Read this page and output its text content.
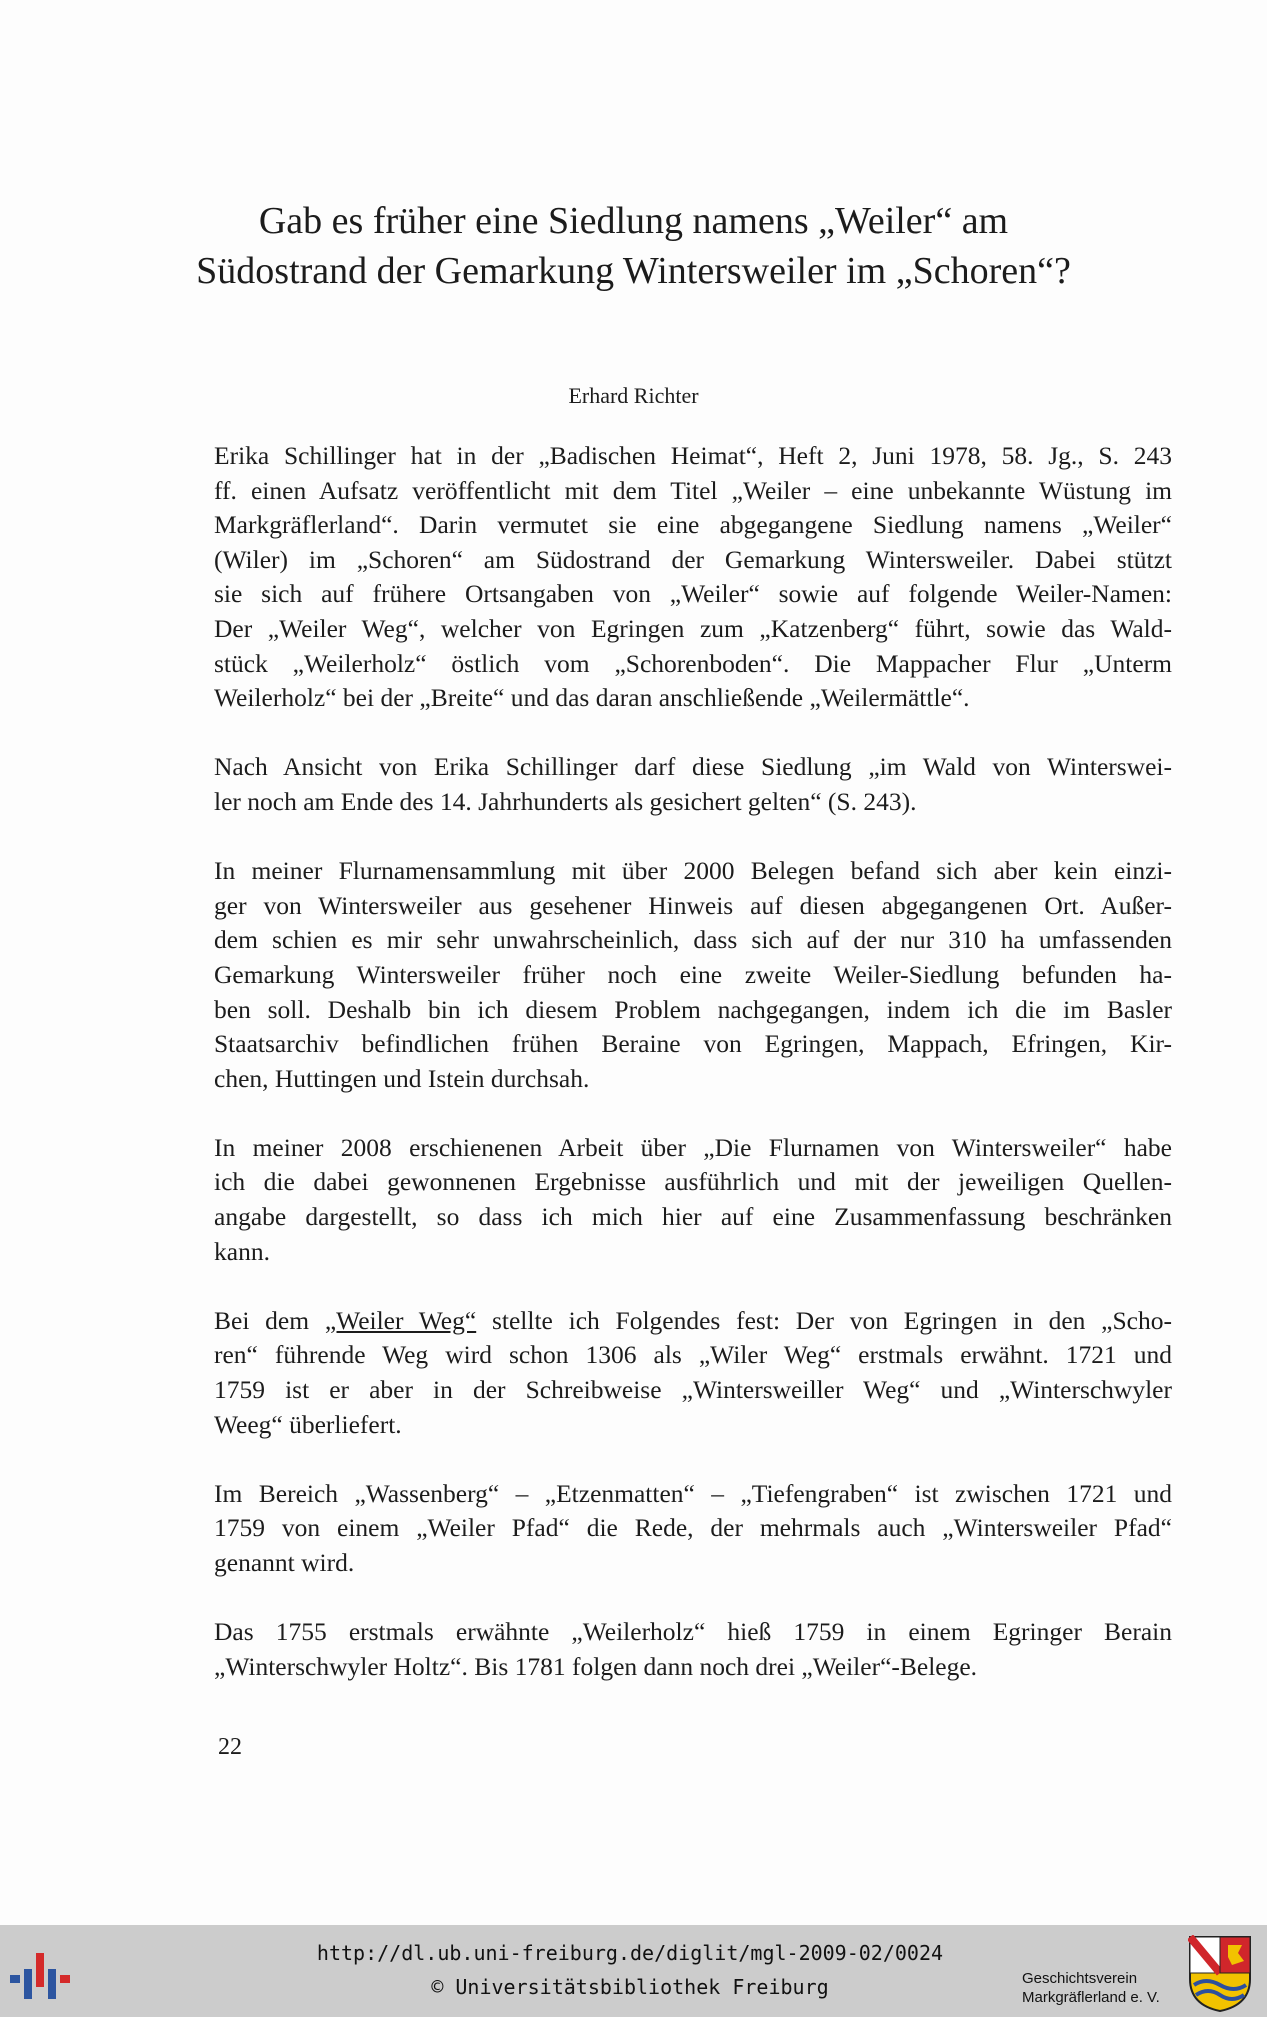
Gab es früher eine Siedlung namens „Weiler“ am
Südostrand der Gemarkung Wintersweiler im „Schoren“?
Erhard Richter

Erika Schillinger hat in der „Badischen Heimat“, Heft 2, Juni 1978, 58. Jg., S. 243
ff. einen Aufsatz veröffentlicht mit dem Titel „Weiler – eine unbekannte Wüstung im
Markgräflerland“. Darin vermutet sie eine abgegangene Siedlung namens „Weiler“
(Wiler) im „Schoren“ am Südostrand der Gemarkung Wintersweiler. Dabei stützt
sie sich auf frühere Ortsangaben von „Weiler“ sowie auf folgende Weiler-Namen:
Der „Weiler Weg“, welcher von Egringen zum „Katzenberg“ führt, sowie das Wald-
stück „Weilerholz“ östlich vom „Schorenboden“. Die Mappacher Flur „Unterm
Weilerholz“ bei der „Breite“ und das daran anschließende „Weilermättle“.

Nach Ansicht von Erika Schillinger darf diese Siedlung „im Wald von Winterswei-
ler noch am Ende des 14. Jahrhunderts als gesichert gelten“ (S. 243).

In meiner Flurnamensammlung mit über 2000 Belegen befand sich aber kein einzi-
ger von Wintersweiler aus gesehener Hinweis auf diesen abgegangenen Ort. Außer-
dem schien es mir sehr unwahrscheinlich, dass sich auf der nur 310 ha umfassenden
Gemarkung Wintersweiler früher noch eine zweite Weiler-Siedlung befunden ha-
ben soll. Deshalb bin ich diesem Problem nachgegangen, indem ich die im Basler
Staatsarchiv befindlichen frühen Beraine von Egringen, Mappach, Efringen, Kir-
chen, Huttingen und Istein durchsah.

In meiner 2008 erschienenen Arbeit über „Die Flurnamen von Wintersweiler“ habe
ich die dabei gewonnenen Ergebnisse ausführlich und mit der jeweiligen Quellen-
angabe dargestellt, so dass ich mich hier auf eine Zusammenfassung beschränken
kann.

Bei dem „Weiler Weg“ stellte ich Folgendes fest: Der von Egringen in den „Scho-
ren“ führende Weg wird schon 1306 als „Wiler Weg“ erstmals erwähnt. 1721 und
1759 ist er aber in der Schreibweise „Wintersweiller Weg“ und „Winterschwyler
Weeg“ überliefert.

Im Bereich „Wassenberg“ – „Etzenmatten“ – „Tiefengraben“ ist zwischen 1721 und
1759 von einem „Weiler Pfad“ die Rede, der mehrmals auch „Wintersweiler Pfad“
genannt wird.

Das 1755 erstmals erwähnte „Weilerholz“ hieß 1759 in einem Egringer Berain
„Winterschwyler Holtz“. Bis 1781 folgen dann noch drei „Weiler“-Belege.

22
http://dl.ub.uni-freiburg.de/diglit/mgl-2009-02/0024
© Universitätsbibliothek Freiburg	Geschichtsverein
Markgräflerland e. V.
